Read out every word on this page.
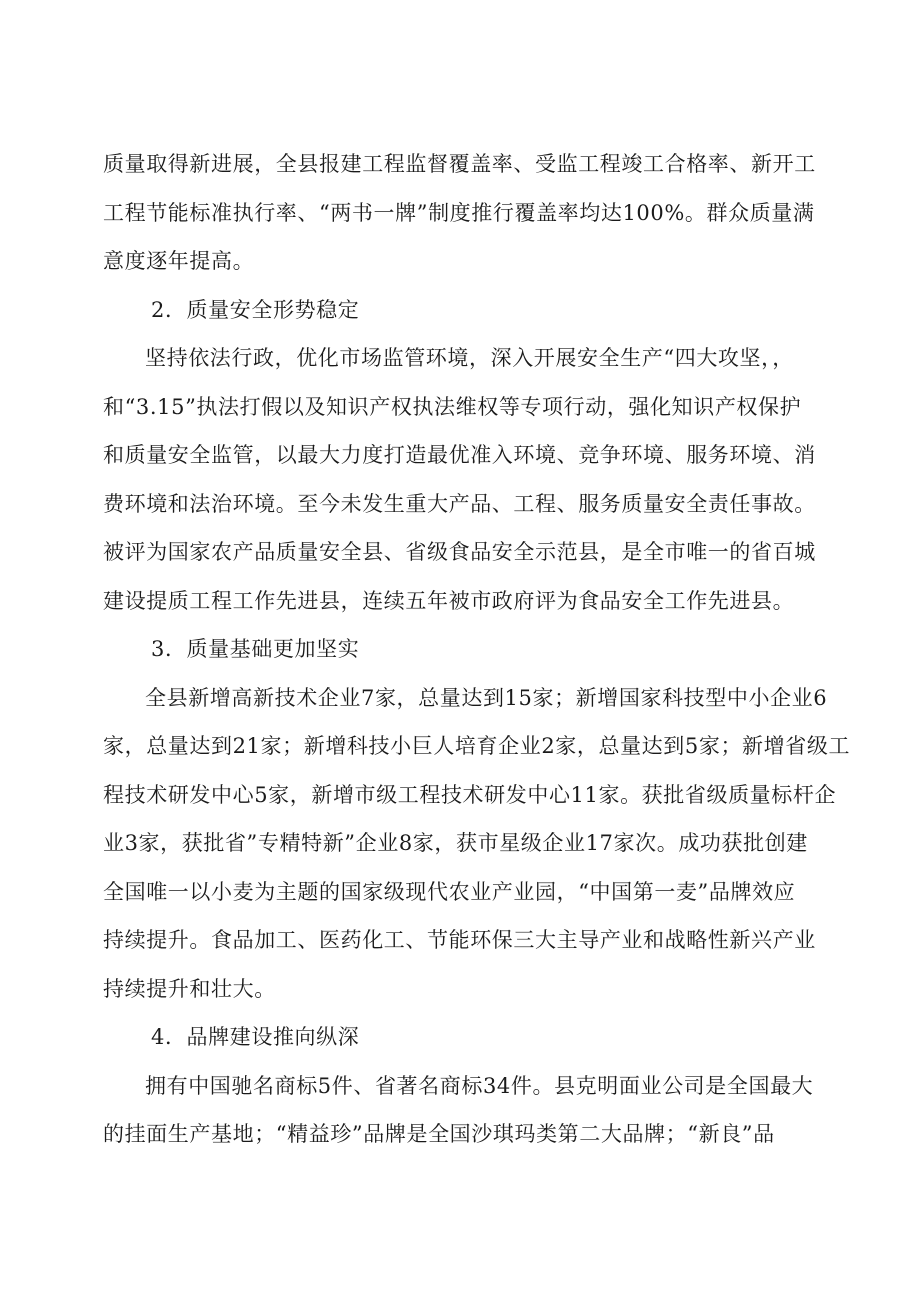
质量取得新进展，全县报建工程监督覆盖率、受监工程竣工合格率、新开工
工程节能标准执行率、“两书一牌”制度推行覆盖率均达100%。群众质量满
意度逐年提高。
2．质量安全形势稳定
坚持依法行政，优化市场监管环境，深入开展安全生产“四大攻坚，，
和“3.15”执法打假以及知识产权执法维权等专项行动，强化知识产权保护
和质量安全监管，以最大力度打造最优准入环境、竞争环境、服务环境、消
费环境和法治环境。至今未发生重大产品、工程、服务质量安全责任事故。
被评为国家农产品质量安全县、省级食品安全示范县，是全市唯一的省百城
建设提质工程工作先进县，连续五年被市政府评为食品安全工作先进县。
3．质量基础更加坚实
全县新增高新技术企业7家，总量达到15家；新增国家科技型中小企业6
家，总量达到21家；新增科技小巨人培育企业2家，总量达到5家；新增省级工
程技术研发中心5家，新增市级工程技术研发中心11家。获批省级质量标杆企
业3家，获批省”专精特新”企业8家，获市星级企业17家次。成功获批创建
全国唯一以小麦为主题的国家级现代农业产业园，“中国第一麦”品牌效应
持续提升。食品加工、医药化工、节能环保三大主导产业和战略性新兴产业
持续提升和壮大。
4．品牌建设推向纵深
拥有中国驰名商标5件、省著名商标34件。县克明面业公司是全国最大
的挂面生产基地；“精益珍”品牌是全国沙琪玛类第二大品牌；“新良”品
